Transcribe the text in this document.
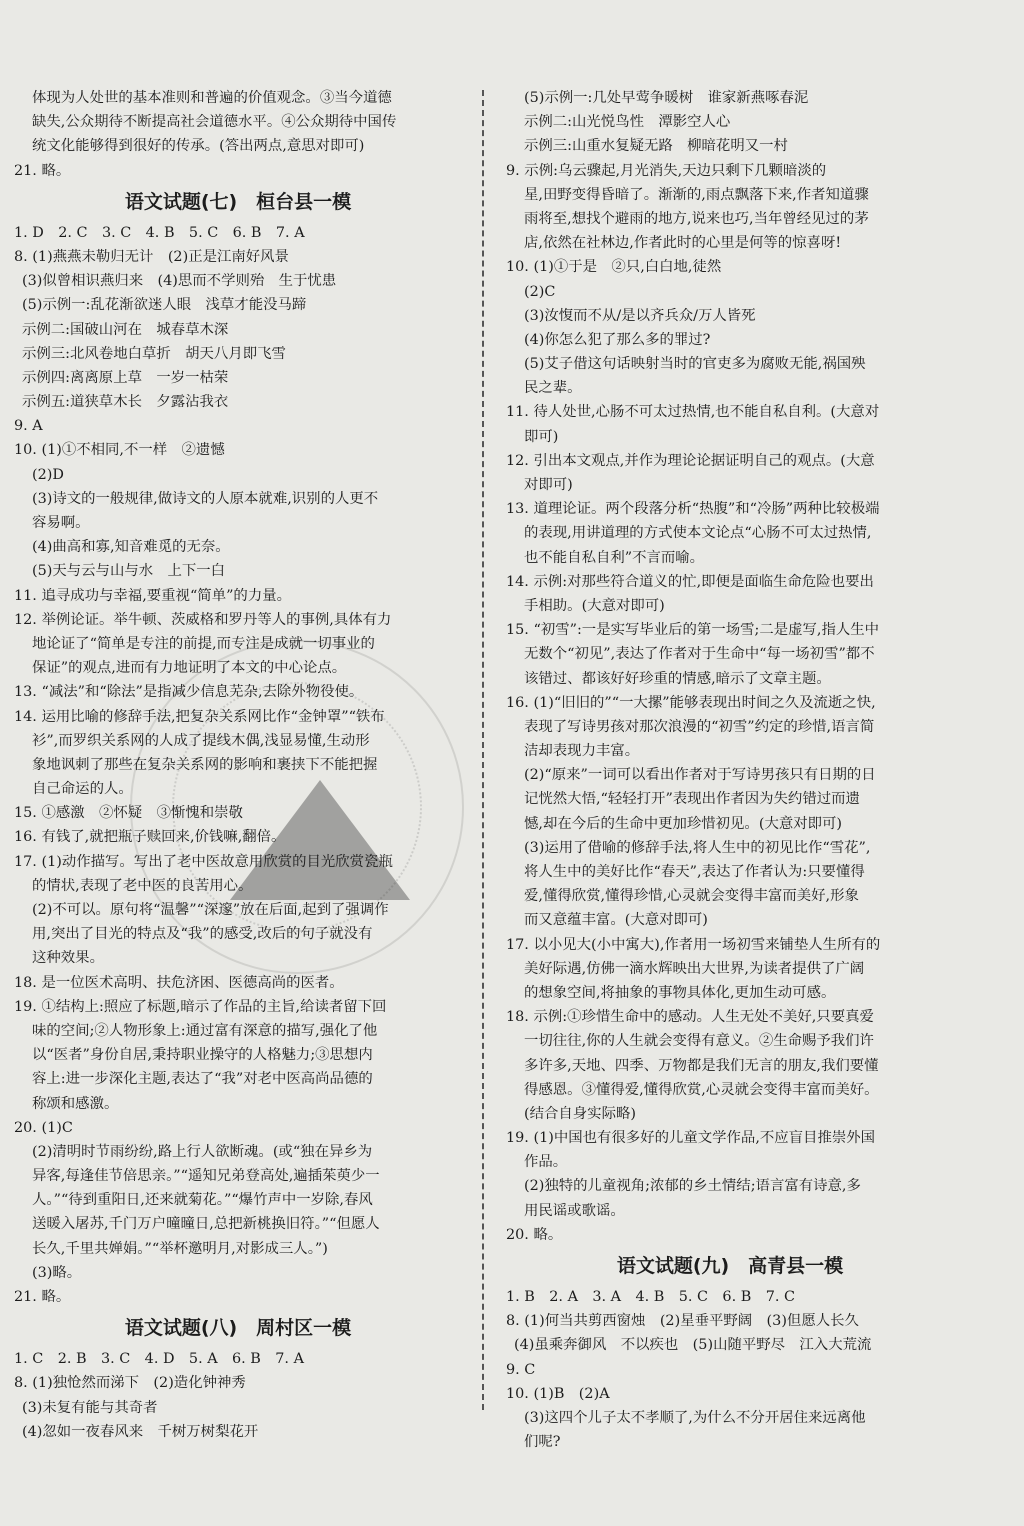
体现为人处世的基本准则和普遍的价值观念。③当今道德
缺失,公众期待不断提高社会道德水平。④公众期待中国传
统文化能够得到很好的传承。(答出两点,意思对即可)
21. 略。
语文试题(七)　桓台县一模
1. D　2. C　3. C　4. B　5. C　6. B　7. A
8. (1)燕燕未勒归无计　(2)正是江南好风景
(3)似曾相识燕归来　(4)思而不学则殆　生于忧患
(5)示例一:乱花渐欲迷人眼　浅草才能没马蹄
示例二:国破山河在　城春草木深
示例三:北风卷地白草折　胡天八月即飞雪
示例四:离离原上草　一岁一枯荣
示例五:道狭草木长　夕露沾我衣
9. A
10. (1)①不相同,不一样　②遗憾
(2)D
(3)诗文的一般规律,做诗文的人原本就难,识别的人更不
容易啊。
(4)曲高和寡,知音难觅的无奈。
(5)天与云与山与水　上下一白
11. 追寻成功与幸福,要重视“简单”的力量。
12. 举例论证。举牛顿、茨威格和罗丹等人的事例,具体有力
地论证了“简单是专注的前提,而专注是成就一切事业的
保证”的观点,进而有力地证明了本文的中心论点。
13. “减法”和“除法”是指减少信息芜杂,去除外物役使。
14. 运用比喻的修辞手法,把复杂关系网比作“金钟罩”“铁布
衫”,而罗织关系网的人成了提线木偶,浅显易懂,生动形
象地讽刺了那些在复杂关系网的影响和裹挟下不能把握
自己命运的人。
15. ①感激　②怀疑　③惭愧和崇敬
16. 有钱了,就把瓶子赎回来,价钱嘛,翻倍。
17. (1)动作描写。写出了老中医故意用欣赏的目光欣赏瓷瓶
的情状,表现了老中医的良苦用心。
(2)不可以。原句将“温馨”“深邃”放在后面,起到了强调作
用,突出了目光的特点及“我”的感受,改后的句子就没有
这种效果。
18. 是一位医术高明、扶危济困、医德高尚的医者。
19. ①结构上:照应了标题,暗示了作品的主旨,给读者留下回
味的空间;②人物形象上:通过富有深意的描写,强化了他
以“医者”身份自居,秉持职业操守的人格魅力;③思想内
容上:进一步深化主题,表达了“我”对老中医高尚品德的
称颂和感激。
20. (1)C
(2)清明时节雨纷纷,路上行人欲断魂。(或“独在异乡为
异客,每逢佳节倍思亲。”“遥知兄弟登高处,遍插茱萸少一
人。”“待到重阳日,还来就菊花。”“爆竹声中一岁除,春风
送暖入屠苏,千门万户曈曈日,总把新桃换旧符。”“但愿人
长久,千里共婵娟。”“举杯邀明月,对影成三人。”)
(3)略。
21. 略。
语文试题(八)　周村区一模
1. C　2. B　3. C　4. D　5. A　6. B　7. A
8. (1)独怆然而涕下　(2)造化钟神秀
(3)未复有能与其奇者
(4)忽如一夜春风来　千树万树梨花开
(5)示例一:几处早莺争暖树　谁家新燕啄春泥
示例二:山光悦鸟性　潭影空人心
示例三:山重水复疑无路　柳暗花明又一村
9. 示例:乌云骤起,月光消失,天边只剩下几颗暗淡的
星,田野变得昏暗了。渐渐的,雨点飘落下来,作者知道骤
雨将至,想找个避雨的地方,说来也巧,当年曾经见过的茅
店,依然在社林边,作者此时的心里是何等的惊喜呀!
10. (1)①于是　②只,白白地,徒然
(2)C
(3)汝愎而不从/是以齐兵众/万人皆死
(4)你怎么犯了那么多的罪过?
(5)艾子借这句话映射当时的官吏多为腐败无能,祸国殃
民之辈。
11. 待人处世,心肠不可太过热情,也不能自私自利。(大意对
即可)
12. 引出本文观点,并作为理论论据证明自己的观点。(大意
对即可)
13. 道理论证。两个段落分析“热腹”和“冷肠”两种比较极端
的表现,用讲道理的方式使本文论点“心肠不可太过热情,
也不能自私自利”不言而喻。
14. 示例:对那些符合道义的忙,即便是面临生命危险也要出
手相助。(大意对即可)
15. “初雪”:一是实写毕业后的第一场雪;二是虚写,指人生中
无数个“初见”,表达了作者对于生命中“每一场初雪”都不
该错过、都该好好珍重的情感,暗示了文章主题。
16. (1)“旧旧的”“一大摞”能够表现出时间之久及流逝之快,
表现了写诗男孩对那次浪漫的“初雪”约定的珍惜,语言简
洁却表现力丰富。
(2)“原来”一词可以看出作者对于写诗男孩只有日期的日
记恍然大悟,“轻轻打开”表现出作者因为失约错过而遗
憾,却在今后的生命中更加珍惜初见。(大意对即可)
(3)运用了借喻的修辞手法,将人生中的初见比作“雪花”,
将人生中的美好比作“春天”,表达了作者认为:只要懂得
爱,懂得欣赏,懂得珍惜,心灵就会变得丰富而美好,形象
而又意蕴丰富。(大意对即可)
17. 以小见大(小中寓大),作者用一场初雪来铺垫人生所有的
美好际遇,仿佛一滴水辉映出大世界,为读者提供了广阔
的想象空间,将抽象的事物具体化,更加生动可感。
18. 示例:①珍惜生命中的感动。人生无处不美好,只要真爱
一切往往,你的人生就会变得有意义。②生命赐予我们许
多许多,天地、四季、万物都是我们无言的朋友,我们要懂
得感恩。③懂得爱,懂得欣赏,心灵就会变得丰富而美好。
(结合自身实际略)
19. (1)中国也有很多好的儿童文学作品,不应盲目推崇外国
作品。
(2)独特的儿童视角;浓郁的乡土情结;语言富有诗意,多
用民谣或歌谣。
20. 略。
语文试题(九)　高青县一模
1. B　2. A　3. A　4. B　5. C　6. B　7. C
8. (1)何当共剪西窗烛　(2)星垂平野阔　(3)但愿人长久
(4)虽乘奔御风　不以疾也　(5)山随平野尽　江入大荒流
9. C
10. (1)B　(2)A
(3)这四个儿子太不孝顺了,为什么不分开居住来远离他
们呢?
